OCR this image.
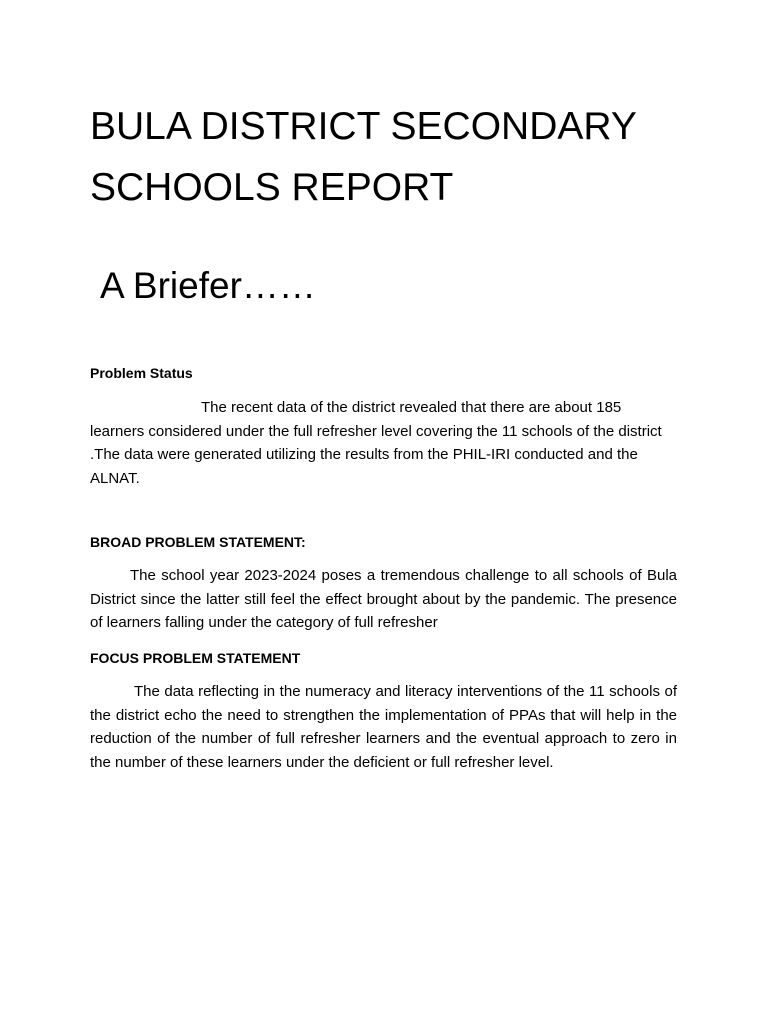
BULA DISTRICT SECONDARY
SCHOOLS REPORT
A Briefer……
Problem Status

The recent data of the district revealed that there are about 185 learners considered under the full refresher level covering the 11 schools of the district .The data were generated utilizing the results from the PHIL-IRI conducted and the ALNAT.

BROAD PROBLEM STATEMENT:

The school year 2023-2024 poses a tremendous challenge to all schools of Bula District since the latter still feel the effect brought about by the pandemic. The presence of learners falling under the category of full refresher

FOCUS PROBLEM STATEMENT

The data reflecting in the numeracy and literacy interventions of the 11 schools of the district echo the need to strengthen the implementation of PPAs that will help in the reduction of the number of full refresher learners and the eventual approach to zero in the number of these learners under the deficient or full refresher level.
